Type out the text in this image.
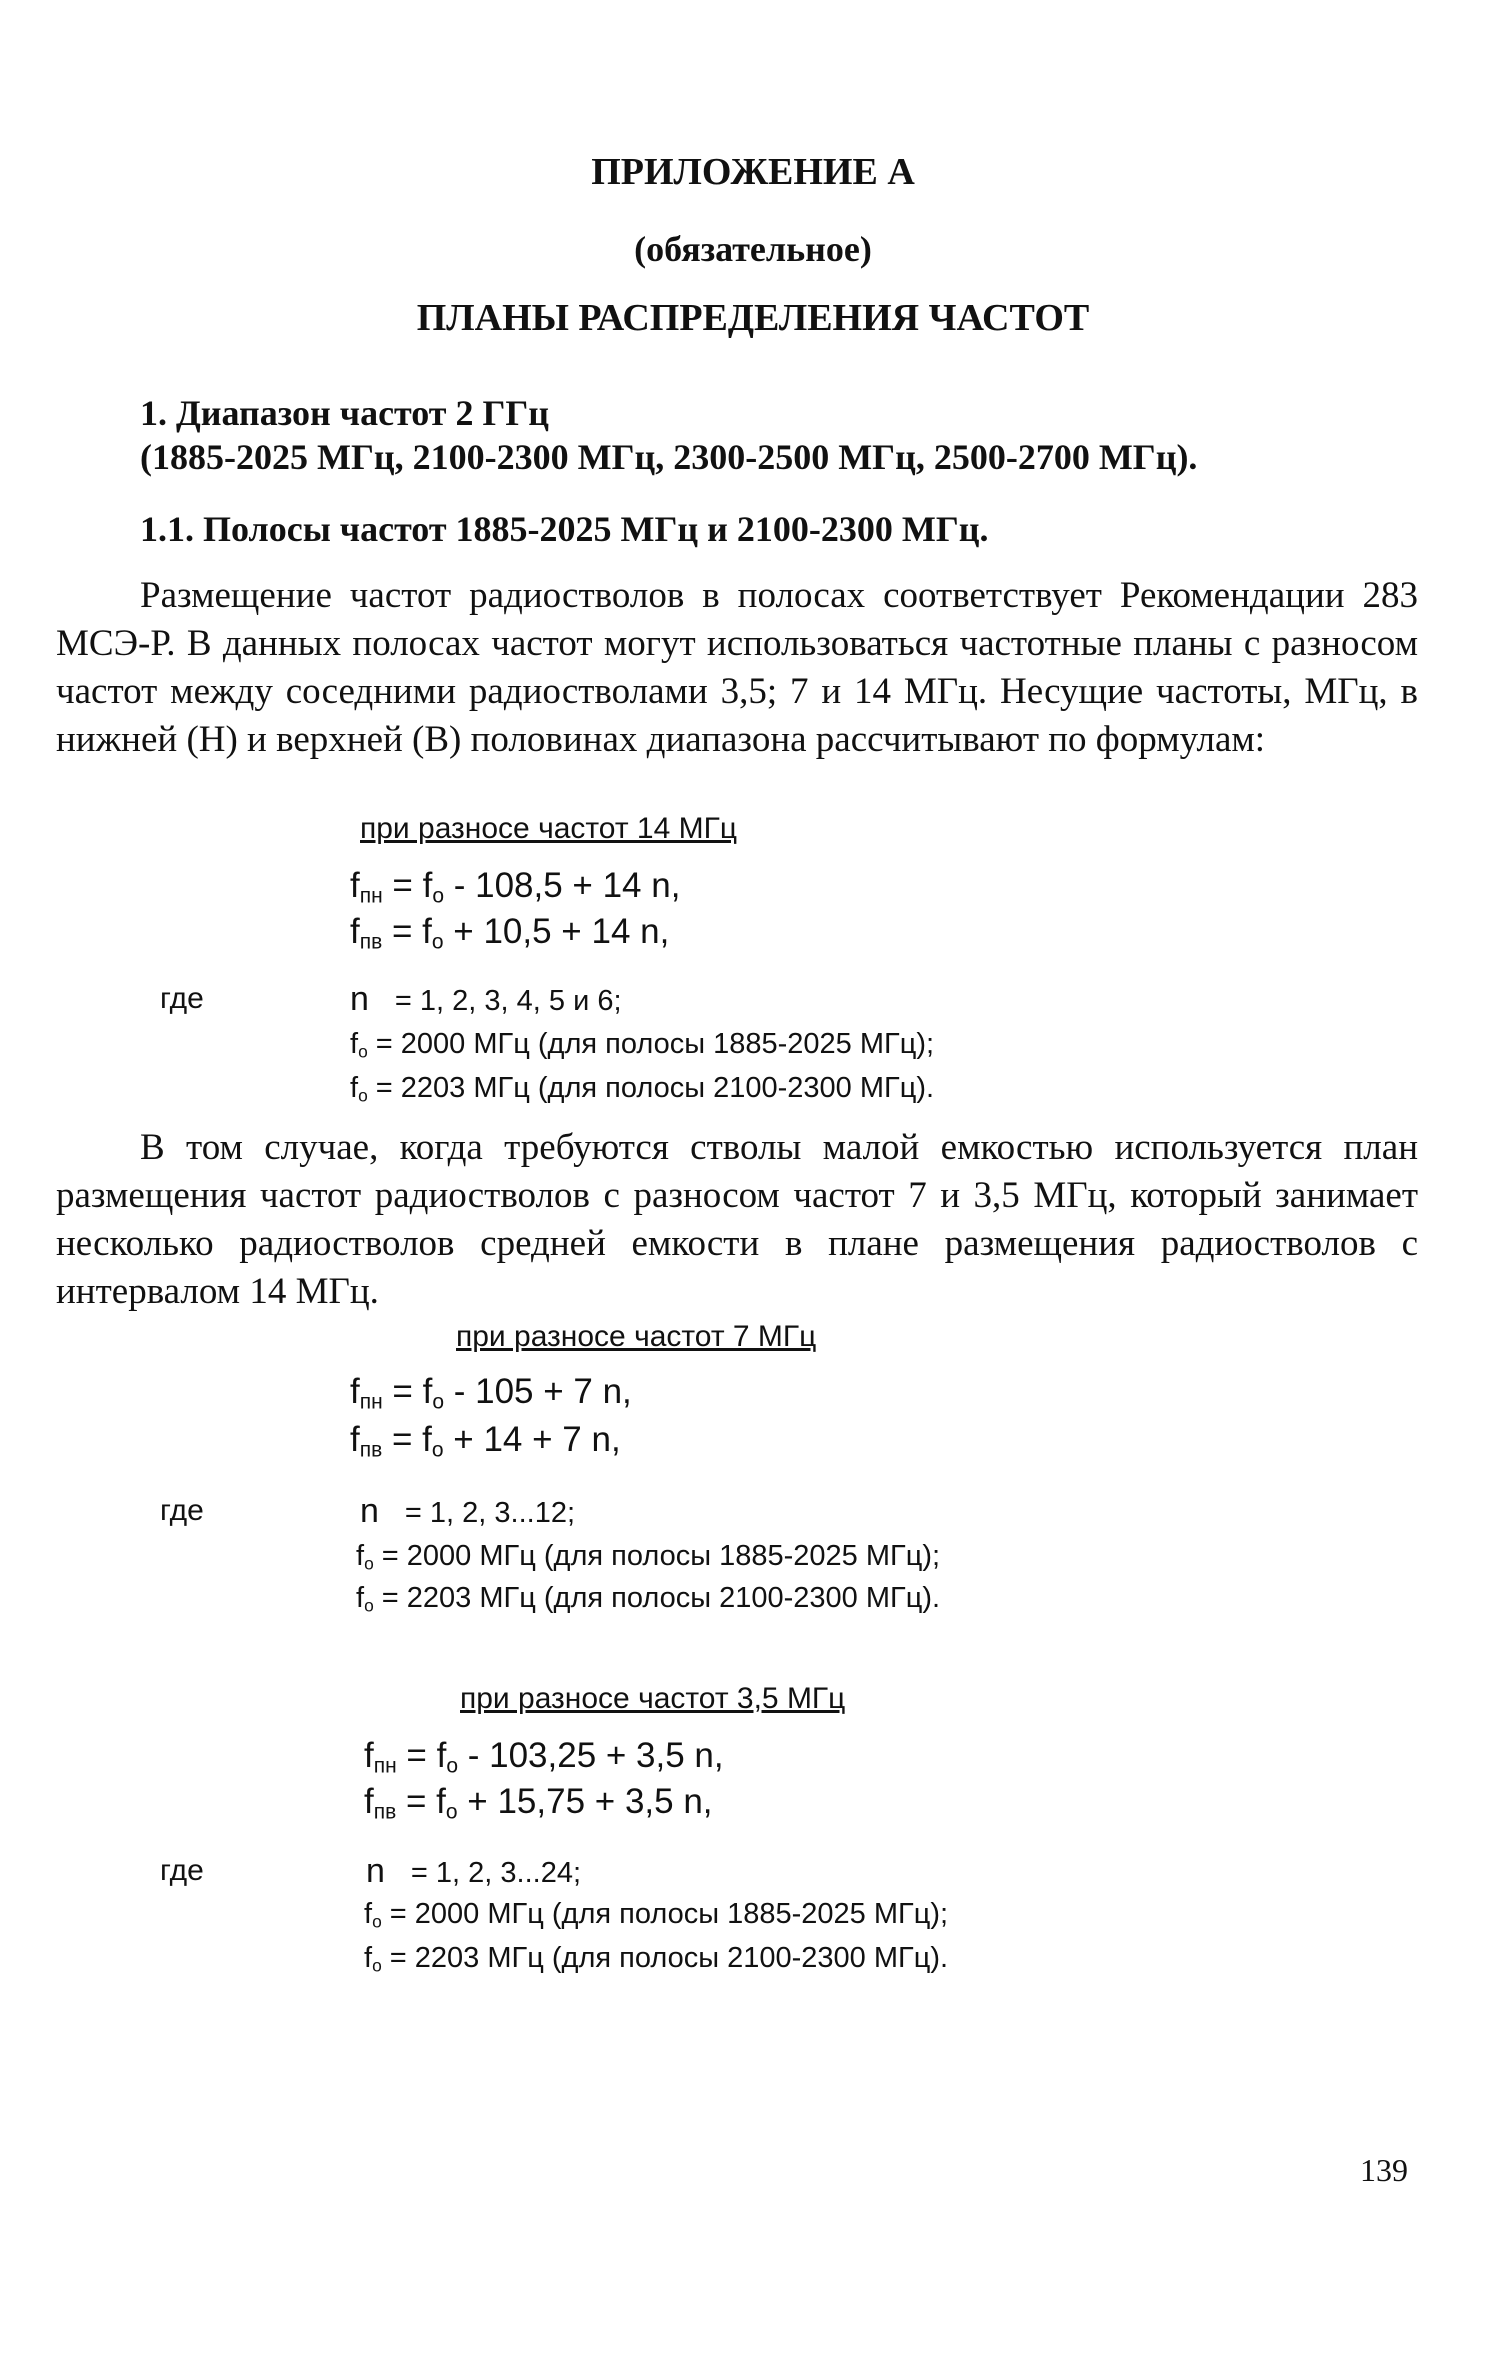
ПРИЛОЖЕНИЕ А
(обязательное)
ПЛАНЫ РАСПРЕДЕЛЕНИЯ ЧАСТОТ
1. Диапазон частот 2 ГГц
(1885-2025 МГц, 2100-2300 МГц, 2300-2500 МГц, 2500-2700 МГц).
1.1. Полосы частот 1885-2025 МГц и 2100-2300 МГц.
Размещение частот радиостволов в полосах соответствует Рекомендации 283 МСЭ-Р. В данных полосах частот могут использоваться частотные планы с разносом частот между соседними радиостволами 3,5; 7 и 14 МГц. Несущие частоты, МГц, в нижней (Н) и верхней (В) половинах диапазона рассчитывают по формулам:
при разносе частот 14 МГц
$f_{пн} = f_о - 108,5 + 14$ n,
$f_{пв} = f_о + 10,5 + 14$ n,
где	n = 1, 2, 3, 4, 5 и 6;
$f_о = 2000$ МГц (для полосы 1885-2025 МГц);
$f_о = 2203$ МГц (для полосы 2100-2300 МГц).
В том случае, когда требуются стволы малой емкостью используется план размещения частот радиостволов с разносом частот 7 и 3,5 МГц, который занимает несколько радиостволов средней емкости в плане размещения радиостволов с интервалом 14 МГц.
при разносе частот 7 МГц
$f_{пн} = f_о - 105 + 7$ n,
$f_{пв} = f_о + 14 + 7$ n,
где	n = 1, 2, 3...12;
$f_о = 2000$ МГц (для полосы 1885-2025 МГц);
$f_о = 2203$ МГц (для полосы 2100-2300 МГц).
при разносе частот 3,5 МГц
$f_{пн} = f_о - 103,25 + 3,5$ n,
$f_{пв} = f_о + 15,75 + 3,5$ n,
где	n = 1, 2, 3...24;
$f_о = 2000$ МГц (для полосы 1885-2025 МГц);
$f_о = 2203$ МГц (для полосы 2100-2300 МГц).
139
